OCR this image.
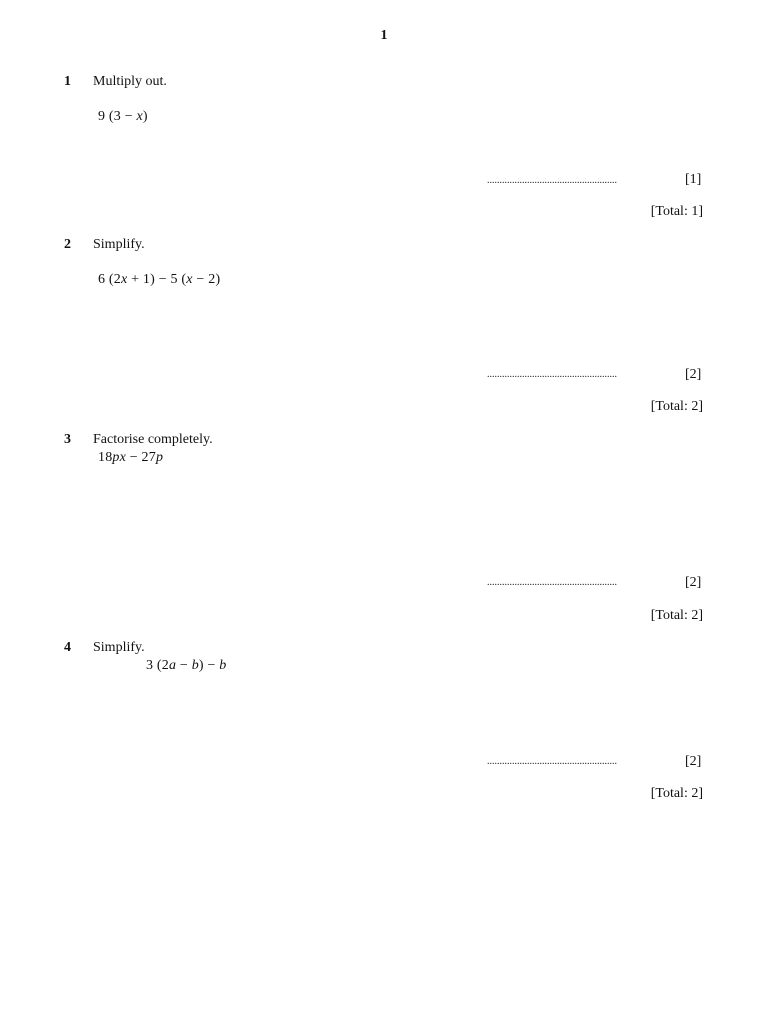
1
1 Multiply out.
9 (3 − x)
....................................................	[1]
[Total: 1]
2 Simplify.
6 (2x + 1) − 5 (x − 2)
....................................................	[2]
[Total: 2]
3 Factorise completely.
18px − 27p
....................................................	[2]
[Total: 2]
4 Simplify.
3 (2a − b) − b
....................................................	[2]
[Total: 2]
